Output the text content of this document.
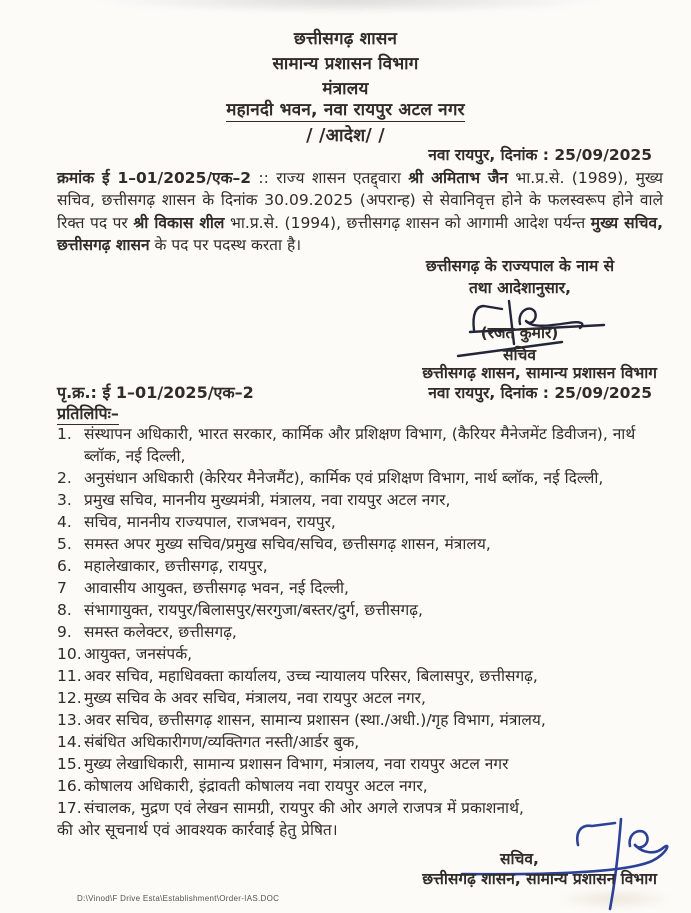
छत्तीसगढ़ शासन
सामान्य प्रशासन विभाग
मंत्रालय
महानदी भवन, नवा रायपुर अटल नगर
/ /आदेश/ /
नवा रायपुर, दिनांक : 25/09/2025
क्रमांक ई 1–01/2025/एक–2 :: राज्य शासन एतद्द्वारा श्री अमिताभ जैन भा.प्र.से. (1989), मुख्य सचिव, छत्तीसगढ़ शासन के दिनांक 30.09.2025 (अपरान्ह) से सेवानिवृत्त होने के फलस्वरूप होने वाले रिक्त पद पर श्री विकास शील भा.प्र.से. (1994), छत्तीसगढ़ शासन को आगामी आदेश पर्यन्त मुख्य सचिव, छत्तीसगढ़ शासन के पद पर पदस्थ करता है।
छत्तीसगढ़ के राज्यपाल के नाम से
तथा आदेशानुसार,
(रजत कुमार)
सचिव
छत्तीसगढ़ शासन, सामान्य प्रशासन विभाग
नवा रायपुर, दिनांक : 25/09/2025
पृ.क्र.: ई 1–01/2025/एक–2
प्रतिलिपिः–
1. संस्थापन अधिकारी, भारत सरकार, कार्मिक और प्रशिक्षण विभाग, (कैरियर मैनेजमेंट डिवीजन), नार्थ ब्लॉक, नई दिल्ली,
2. अनुसंधान अधिकारी (केरियर मैनेजमैंट), कार्मिक एवं प्रशिक्षण विभाग, नार्थ ब्लॉक, नई दिल्ली,
3. प्रमुख सचिव, माननीय मुख्यमंत्री, मंत्रालय, नवा रायपुर अटल नगर,
4. सचिव, माननीय राज्यपाल, राजभवन, रायपुर,
5. समस्त अपर मुख्य सचिव/प्रमुख सचिव/सचिव, छत्तीसगढ़ शासन, मंत्रालय,
6. महालेखाकार, छत्तीसगढ़, रायपुर,
7	आवासीय आयुक्त, छत्तीसगढ़ भवन, नई दिल्ली,
8. संभागायुक्त, रायपुर/बिलासपुर/सरगुजा/बस्तर/दुर्ग, छत्तीसगढ़,
9. समस्त कलेक्टर, छत्तीसगढ़,
10. आयुक्त, जनसंपर्क,
11. अवर सचिव, महाधिवक्ता कार्यालय, उच्च न्यायालय परिसर, बिलासपुर, छत्तीसगढ़,
12. मुख्य सचिव के अवर सचिव, मंत्रालय, नवा रायपुर अटल नगर,
13. अवर सचिव, छत्तीसगढ़ शासन, सामान्य प्रशासन (स्था./अधी.)/गृह विभाग, मंत्रालय,
14. संबंधित अधिकारीगण/व्यक्तिगत नस्ती/आर्डर बुक,
15. मुख्य लेखाधिकारी, सामान्य प्रशासन विभाग, मंत्रालय, नवा रायपुर अटल नगर
16. कोषालय अधिकारी, इंद्रावती कोषालय नवा रायपुर अटल नगर,
17. संचालक, मुद्रण एवं लेखन सामग्री, रायपुर की ओर अगले राजपत्र में प्रकाशनार्थ,
की ओर सूचनार्थ एवं आवश्यक कार्रवाई हेतु प्रेषित।
सचिव,
छत्तीसगढ़ शासन, सामान्य प्रशासन विभाग
D:\Vinod\F Drive Esta\Establishment\Order-IAS.DOC
